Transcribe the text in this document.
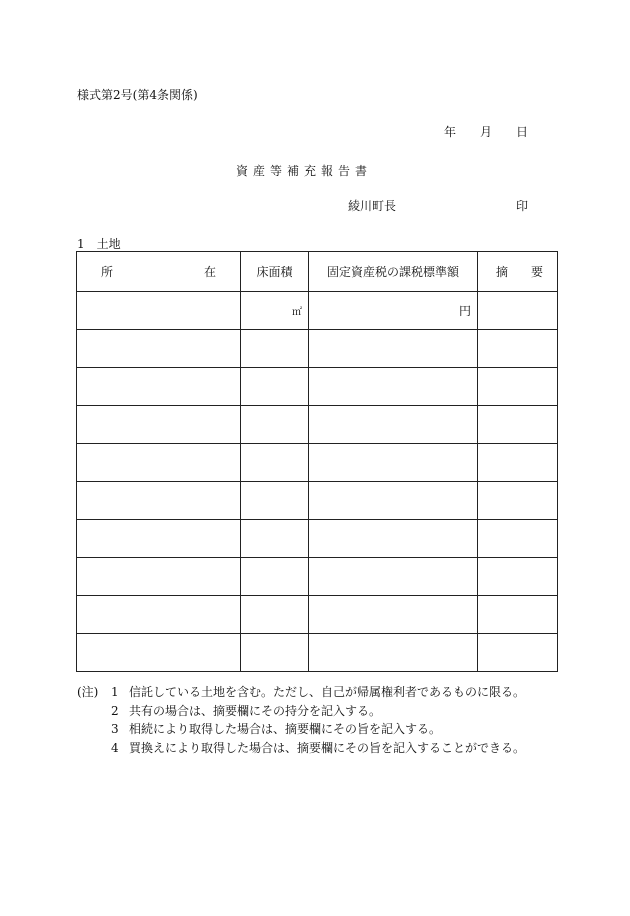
様式第2号(第4条関係)
年 月 日
資産等補充報告書
綾川町長	印
1　土地
所 在	床面積	固定資産税の課税標準額	摘 要

	㎡	円	

(注)	1 信託している土地を含む。ただし、自己が帰属権利者であるものに限る。
2 共有の場合は、摘要欄にその持分を記入する。
3 相続により取得した場合は、摘要欄にその旨を記入する。
4 買換えにより取得した場合は、摘要欄にその旨を記入することができる。
